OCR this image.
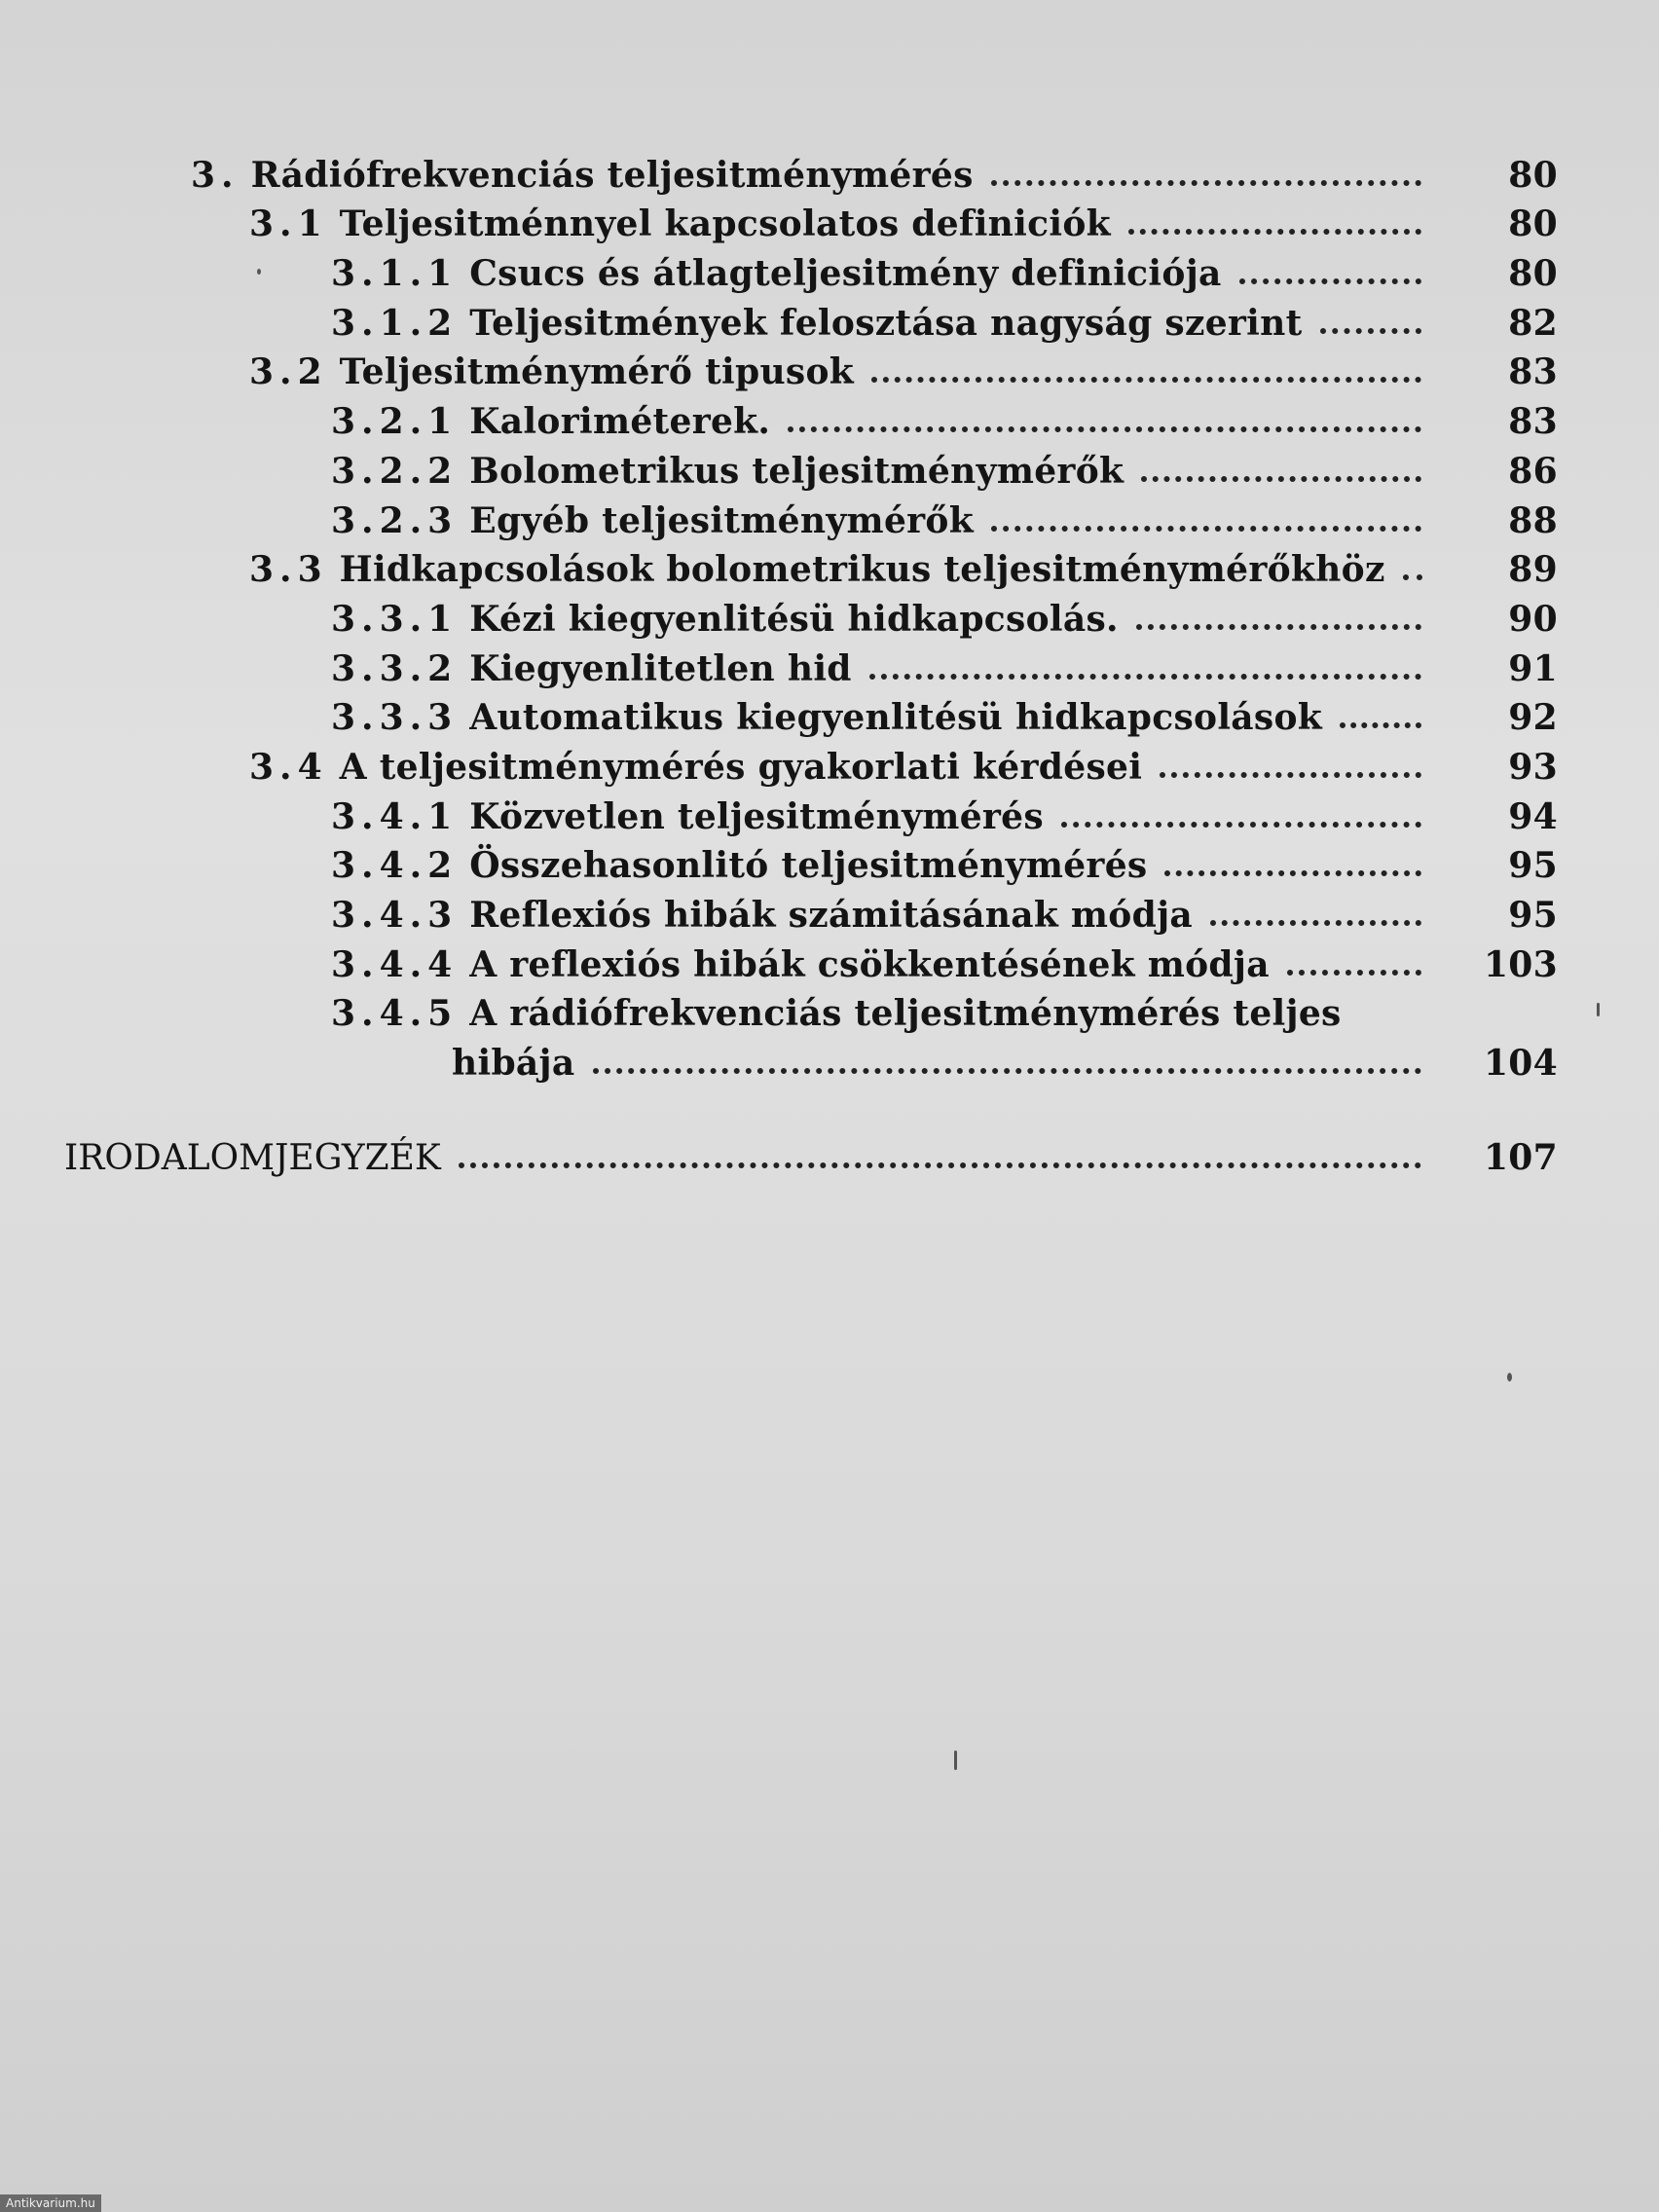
3. Rádiófrekvenciás teljesitménymérés	80
3.1 Teljesitménnyel kapcsolatos definiciók	80
3.1.1 Csucs és átlagteljesitmény definiciója	80
3.1.2 Teljesitmények felosztása nagyság szerint	82
3.2 Teljesitménymérő tipusok	83
3.2.1 Kaloriméterek.	83
3.2.2 Bolometrikus teljesitménymérők	86
3.2.3 Egyéb teljesitménymérők	88
3.3 Hidkapcsolások bolometrikus teljesitménymérőkhöz	89
3.3.1 Kézi kiegyenlitésü hidkapcsolás.	90
3.3.2 Kiegyenlitetlen hid	91
3.3.3 Automatikus kiegyenlitésü hidkapcsolások	92
3.4 A teljesitménymérés gyakorlati kérdései	93
3.4.1 Közvetlen teljesitménymérés	94
3.4.2 Összehasonlitó teljesitménymérés	95
3.4.3 Reflexiós hibák számitásának módja	95
3.4.4 A reflexiós hibák csökkentésének módja	103
3.4.5 A rádiófrekvenciás teljesitménymérés teljes
hibája	104
IRODALOMJEGYZÉK	107
Antikvarium.hu
